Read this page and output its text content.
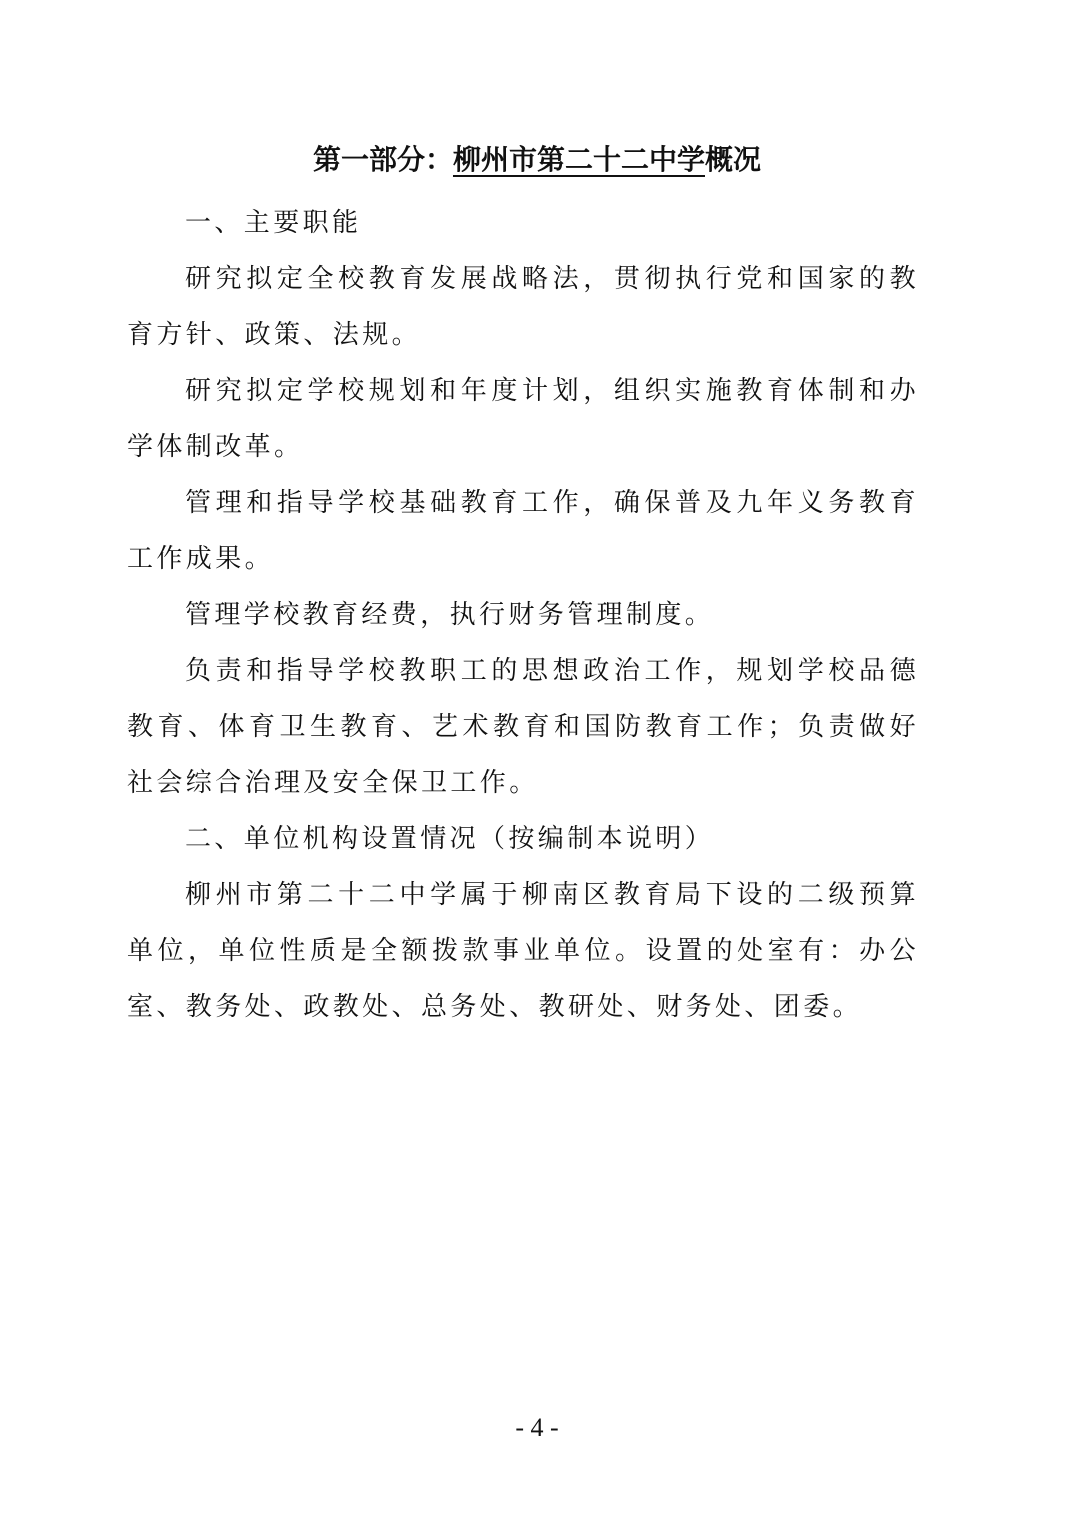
第一部分：柳州市第二十二中学概况

一、主要职能

研究拟定全校教育发展战略法，贯彻执行党和国家的教育方针、政策、法规。

研究拟定学校规划和年度计划，组织实施教育体制和办学体制改革。

管理和指导学校基础教育工作，确保普及九年义务教育工作成果。

管理学校教育经费，执行财务管理制度。

负责和指导学校教职工的思想政治工作，规划学校品德教育、体育卫生教育、艺术教育和国防教育工作；负责做好社会综合治理及安全保卫工作。

二、单位机构设置情况（按编制本说明）

柳州市第二十二中学属于柳南区教育局下设的二级预算单位，单位性质是全额拨款事业单位。设置的处室有：办公室、教务处、政教处、总务处、教研处、财务处、团委。

- 4 -
